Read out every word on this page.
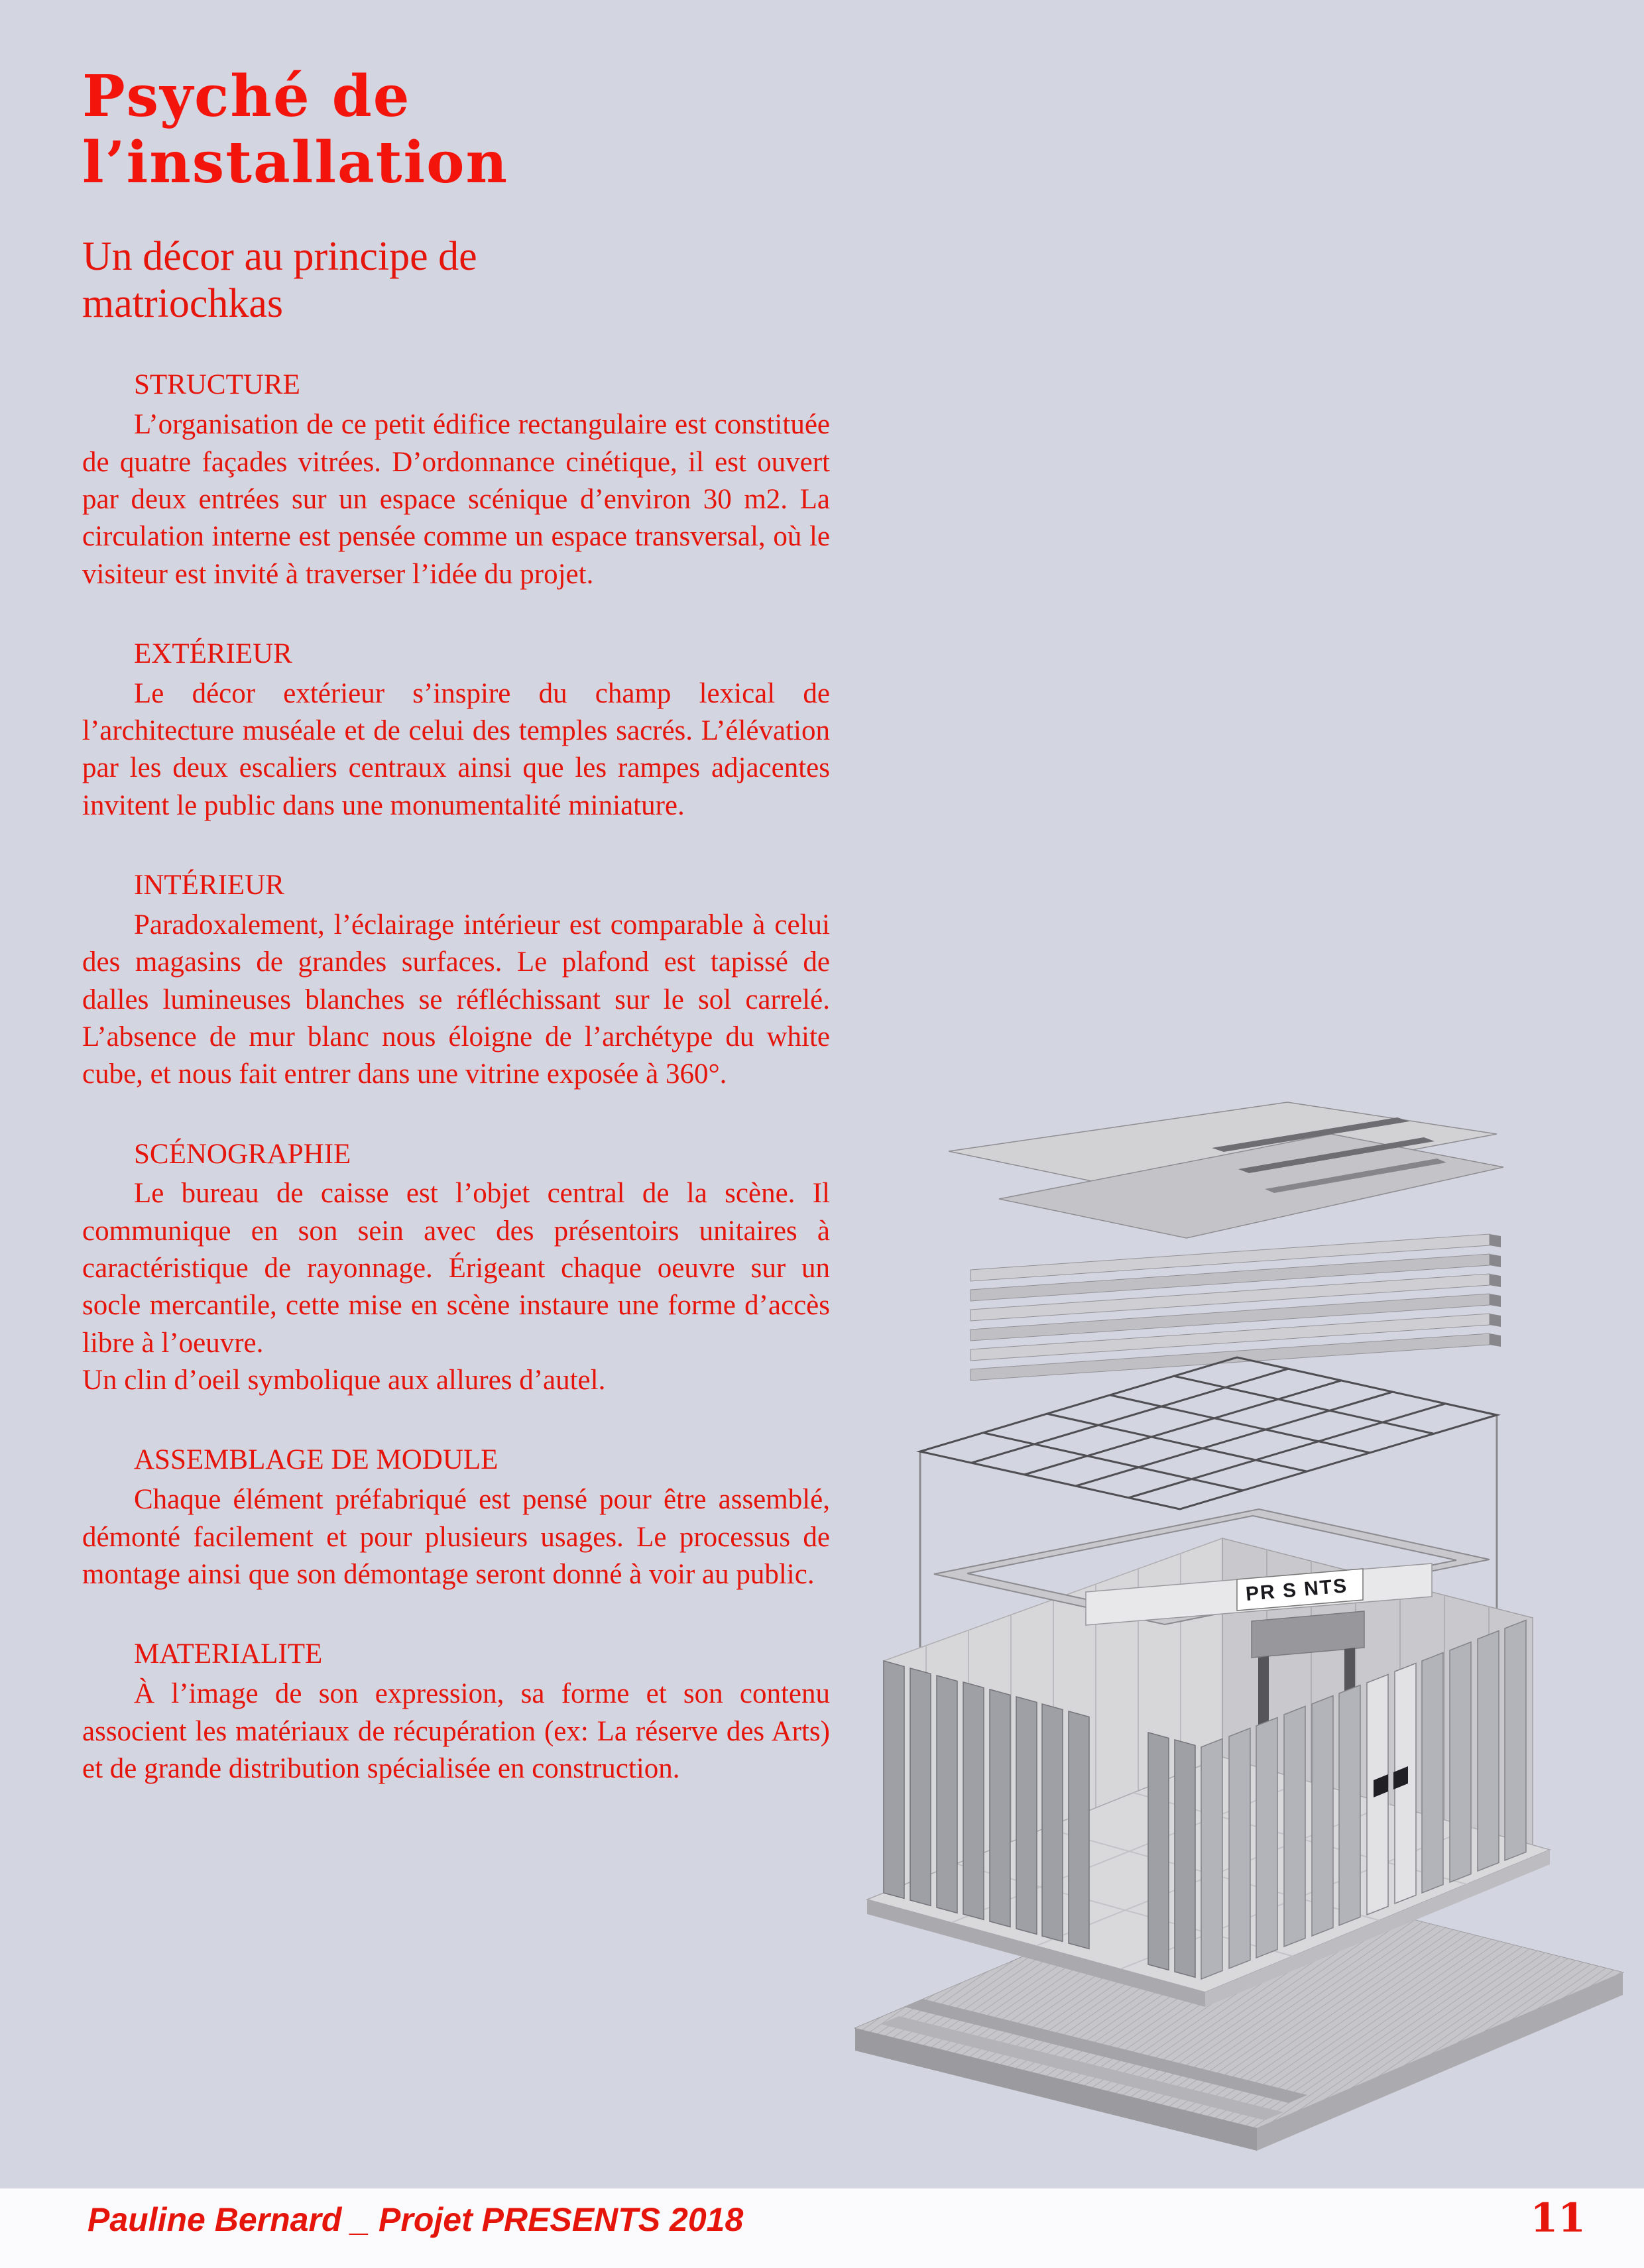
Psyché de
l’installation
Un décor au principe de
matriochkas
STRUCTURE

L’organisation de ce petit édifice rectangulaire est constituée de quatre façades vitrées. D’ordonnance cinétique, il est ouvert par deux entrées sur un espace scénique d’environ 30 m2. La circulation interne est pensée comme un espace transversal, où le visiteur est invité à traverser l’idée du projet.

EXTÉRIEUR

Le décor extérieur s’inspire du champ lexical de l’architecture muséale et de celui des temples sacrés. L’élévation par les deux escaliers centraux ainsi que les rampes adjacentes invitent le public dans une monumentalité miniature.

INTÉRIEUR

Paradoxalement, l’éclairage intérieur est comparable à celui des magasins de grandes surfaces. Le plafond est tapissé de dalles lumineuses blanches se réfléchissant sur le sol carrelé. L’absence de mur blanc nous éloigne de l’archétype du white cube, et nous fait entrer dans une vitrine exposée à 360°.

SCÉNOGRAPHIE

Le bureau de caisse est l’objet central de la scène. Il communique en son sein avec des présentoirs unitaires à caractéristique de rayonnage. Érigeant chaque oeuvre sur un socle mercantile, cette mise en scène instaure une forme d’accès libre à l’oeuvre.

Un clin d’oeil symbolique aux allures d’autel.

ASSEMBLAGE DE MODULE

Chaque élément préfabriqué est pensé pour être assemblé, démonté facilement et pour plusieurs usages. Le processus de montage ainsi que son démontage seront donné à voir au public.

MATERIALITE

À l’image de son expression, sa forme et son contenu associent les matériaux de récupération (ex: La réserve des Arts) et de grande distribution spécialisée en construction.

PR S NTS
Pauline Bernard _ Projet PRESENTS 2018	11
